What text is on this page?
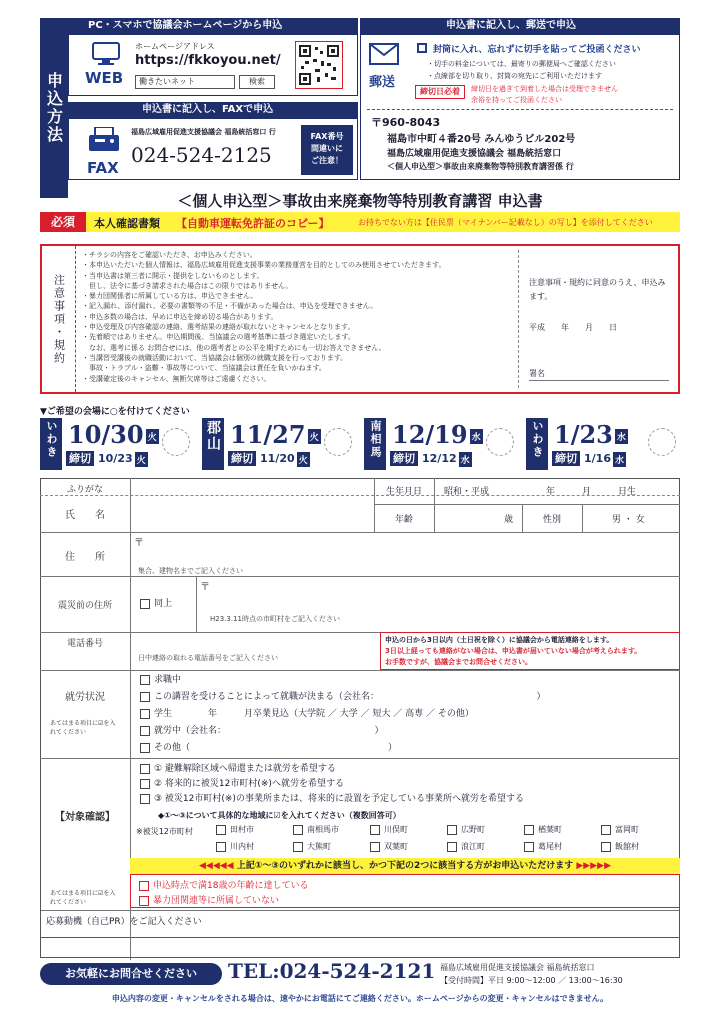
申込方法
PC・スマホで協議会ホームページから申込
WEB
ホームページアドレス
https://fkkoyou.net/
働きたいネット	検索
申込書に記入し、FAXで申込
FAX
福島広域雇用促進支援協議会 福島統括窓口 行
024-524-2125
FAX番号
間違いに
ご注意！
申込書に記入し、郵送で申込
郵送
封筒に入れ、忘れずに切手を貼ってご投函ください
・切手の料金については、最寄りの郵便局へご確認ください
・点線部を切り取り、封筒の宛先にご利用いただけます
締切日必着	締切日を過ぎて到着した場合は受理できません
余裕を持ってご投函ください
〒960-8043
福島市中町４番20号 みんゆうビル202号
福島広域雇用促進支援協議会 福島統括窓口
＜個人申込型＞事故由来廃棄物等特別教育講習係 行
＜個人申込型＞事故由来廃棄物等特別教育講習 申込書
必須	本人確認書類 【自動車運転免許証のコピー】	お持ちでない方は【住民票（マイナンバー記載なし）の写し】を添付してください
注意事項・規約
・チラシの内容をご確認いただき、お申込みください。
・本申込いただいた個人情報は、福島広域雇用促進支援事業の業務運営を目的としてのみ使用させていただきます。
・当申込書は第三者に開示・提供をしないものとします。
　但し、法令に基づき請求された場合はこの限りではありません。
・暴力団関係者に所属している方は、申込できません。
・記入漏れ、添付漏れ、必要の書類等の不足・不備があった場合は、申込を受理できません。
・申込多数の場合は、早めに申込を締め切る場合があります。
・申込受理及び内容確認の連絡、選考結果の連絡が取れないとキャンセルとなります。
・先着順ではありません。申込期間後、当協議会の選考基準に基づき選定いたします。
　なお、選考に係る お問合せには、他の選考者との公平を期すためにも一切お答えできません。
・当講習受講後の就職活動において、当協議会は個別の就職支援を行っております。
　事故・トラブル・盗難・事故等について、当協議会は責任を負いかねます。
・受講確定後のキャンセル、無断欠席等はご遠慮ください。
注意事項・規約に同意のうえ、申込みます。
平成　　年　　月　　日
署名
▼ご希望の会場に○を付けてください
いわき 10/30 火
締切 10/23 火
郡山 11/27 火
締切 11/20 火
南相馬 12/19 水
締切 12/12 水
いわき 1/23 水
締切 1/16 水
ふりがな
氏　　名
生年月日	昭和・平成	年　　　月　　　日生
年齢	歳	性別	男 ・ 女
住　　所
〒
集合、建物名までご記入ください
震災前の住所	同上
〒
H23.3.11時点の市町村をご記入ください
電話番号
日中連絡の取れる電話番号をご記入ください
申込の日から3日以内（土日祝を除く）に協議会から電話連絡をします。
3日以上経っても連絡がない場合は、申込書が届いていない場合が考えられます。
お手数ですが、協議会までお問合せください。
就労状況
あてはまる項目に☑を入れてください
求職中
この講習を受けることによって就職が決まる（会社名：　　　　　　　　　　　　　　　　　　）
学生　　　　年　　　月卒業見込（大学院 ／ 大学 ／ 短大 ／ 高専 ／ その他）
就労中（会社名：　　　　　　　　　　　　　　　　　）
その他（　　　　　　　　　　　　　　　　　　　　　　）
【対象確認】
あてはまる項目に☑を入れてください
① 避難解除区域へ帰還または就労を希望する
② 将来的に被災12市町村(※)へ就労を希望する
③ 被災12市町村(※)の事業所または、将来的に設置を予定している事業所へ就労を希望する
◆①～③について具体的な地域に☑を入れてください（複数回答可）
※被災12市町村	田村市	南相馬市	川俣町	広野町	楢葉町	富岡町
川内村	大熊町	双葉町	浪江町	葛尾村	飯舘村
◀◀◀◀◀ 上記①～③のいずれかに該当し、かつ下記の2つに該当する方がお申込いただけます ▶▶▶▶▶
申込時点で満18歳の年齢に達している
暴力団関連等に所属していない
応募動機（自己PR）をご記入ください
お気軽にお問合せください	TEL:024-524-2121 福島広域雇用促進支援協議会 福島統括窓口
【受付時間】平日 9:00～12:00 ／ 13:00～16:30
申込内容の変更・キャンセルをされる場合は、速やかにお電話にてご連絡ください。ホームページからの変更・キャンセルはできません。
